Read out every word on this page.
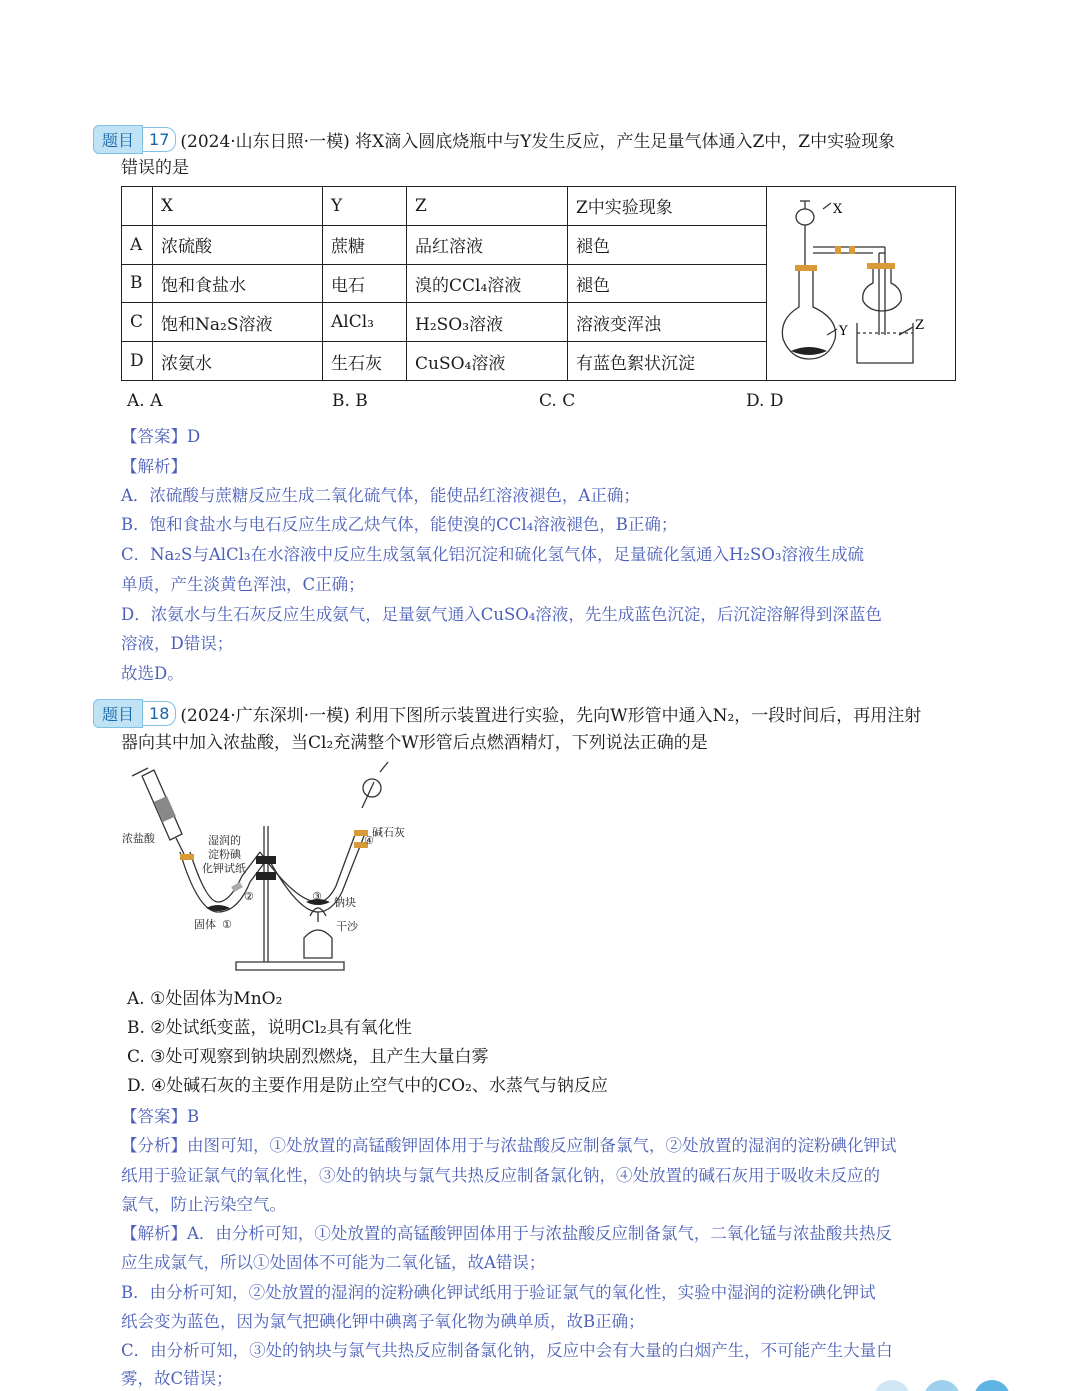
题目 17 (2024·山东日照·一模) 将X滴入圆底烧瓶中与Y发生反应，产生足量气体通入Z中，Z中实验现象
错误的是
	X	Y	Z	Z中实验现象	X
Y Z

A	浓硫酸	蔗糖	品红溶液	褪色	
B	饱和食盐水	电石	溴的CCl₄溶液	褪色	
C	饱和Na₂S溶液	AlCl₃	H₂SO₃溶液	溶液变浑浊	
D	浓氨水	生石灰	CuSO₄溶液	有蓝色絮状沉淀	
A. A	B. B	C. C	D. D
【答案】D
【解析】
A．浓硫酸与蔗糖反应生成二氧化硫气体，能使品红溶液褪色，A正确；
B．饱和食盐水与电石反应生成乙炔气体，能使溴的CCl₄溶液褪色，B正确；
C．Na₂S与AlCl₃在水溶液中反应生成氢氧化铝沉淀和硫化氢气体，足量硫化氢通入H₂SO₃溶液生成硫
单质，产生淡黄色浑浊，C正确；
D．浓氨水与生石灰反应生成氨气，足量氨气通入CuSO₄溶液，先生成蓝色沉淀，后沉淀溶解得到深蓝色
溶液，D错误；
故选D。
题目 18 (2024·广东深圳·一模) 利用下图所示装置进行实验，先向W形管中通入N₂，一段时间后，再用注射
器向其中加入浓盐酸，当Cl₂充满整个W形管后点燃酒精灯，下列说法正确的是
浓盐酸	湿润的
淀粉碘
化钾试纸
固体 ①
②	③
④
碱石灰
钠块
干沙
A. ①处固体为MnO₂
B. ②处试纸变蓝，说明Cl₂具有氧化性
C. ③处可观察到钠块剧烈燃烧，且产生大量白雾
D. ④处碱石灰的主要作用是防止空气中的CO₂、水蒸气与钠反应
【答案】B
【分析】由图可知，①处放置的高锰酸钾固体用于与浓盐酸反应制备氯气，②处放置的湿润的淀粉碘化钾试
纸用于验证氯气的氧化性，③处的钠块与氯气共热反应制备氯化钠，④处放置的碱石灰用于吸收未反应的
氯气，防止污染空气。
【解析】A．由分析可知，①处放置的高锰酸钾固体用于与浓盐酸反应制备氯气，二氧化锰与浓盐酸共热反
应生成氯气，所以①处固体不可能为二氧化锰，故A错误；
B．由分析可知，②处放置的湿润的淀粉碘化钾试纸用于验证氯气的氧化性，实验中湿润的淀粉碘化钾试
纸会变为蓝色，因为氯气把碘化钾中碘离子氧化物为碘单质，故B正确；
C．由分析可知，③处的钠块与氯气共热反应制备氯化钠，反应中会有大量的白烟产生，不可能产生大量白
雾，故C错误；
